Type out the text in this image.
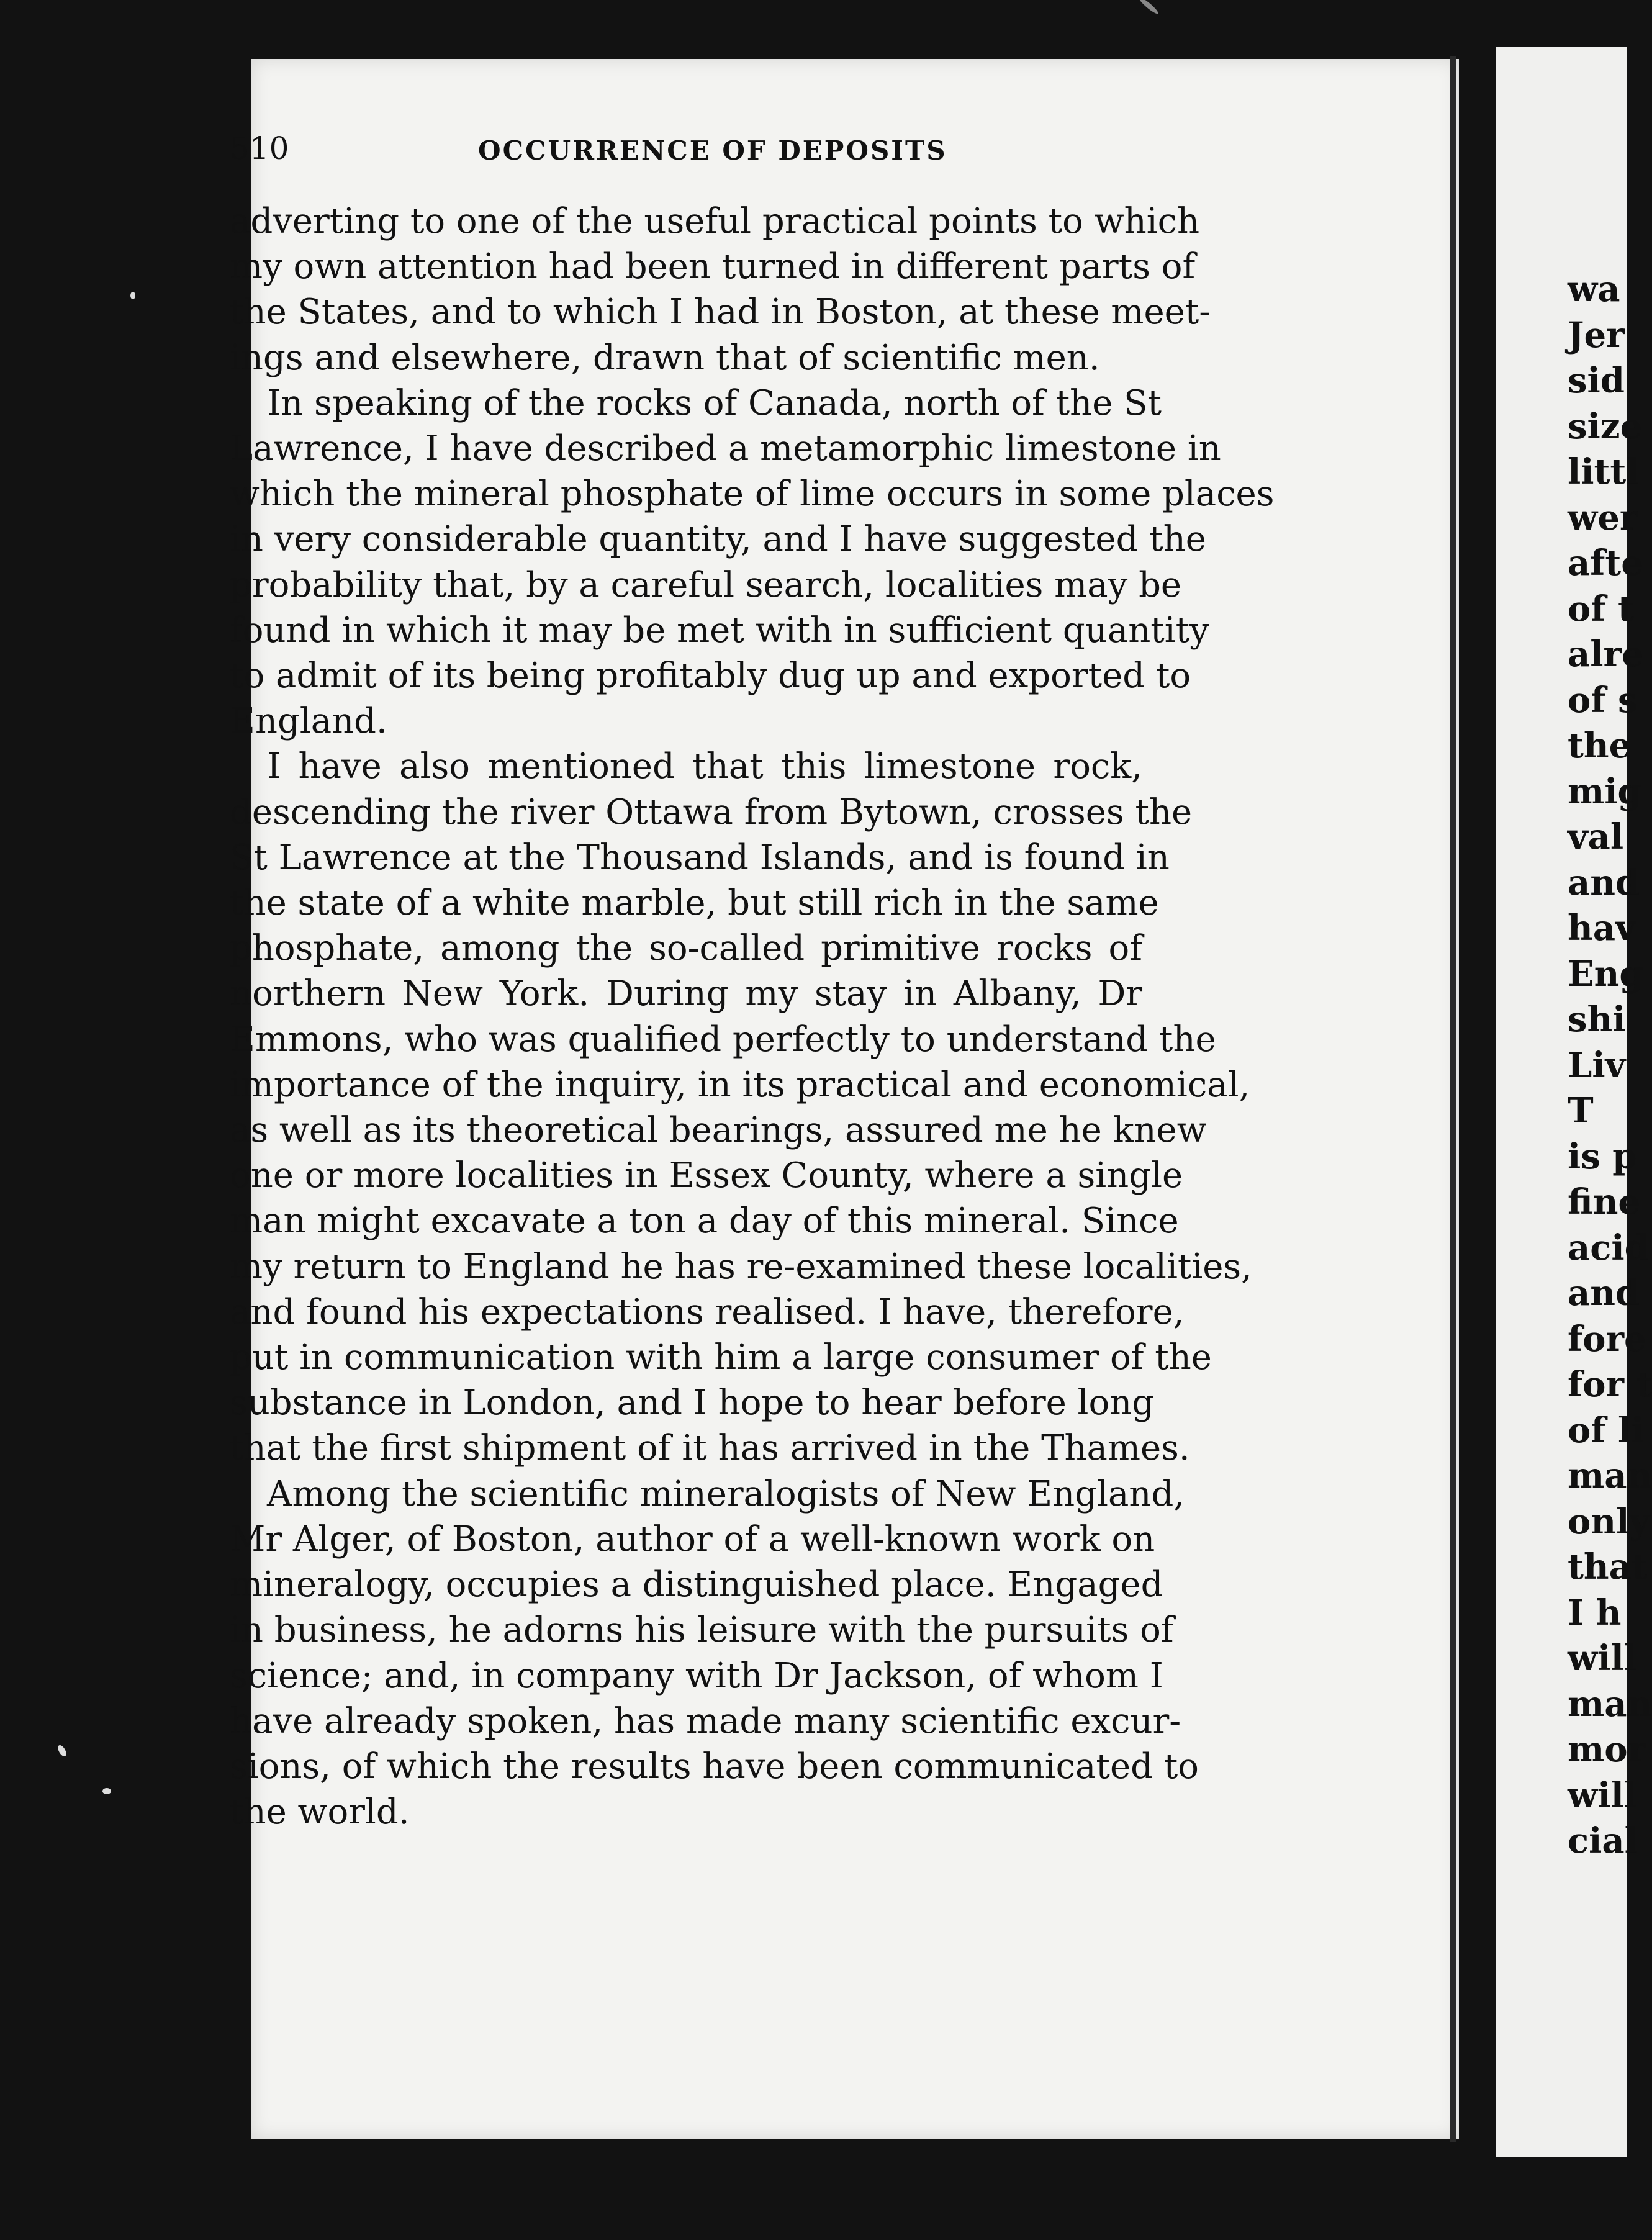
510	OCCURRENCE OF DEPOSITS
adverting to one of the useful practical points to which
my own attention had been turned in different parts of
the States, and to which I had in Boston, at these meet-
ings and elsewhere, drawn that of scientific men.
In speaking of the rocks of Canada, north of the St
Lawrence, I have described a metamorphic limestone in
which the mineral phosphate of lime occurs in some places
in very considerable quantity, and I have suggested the
probability that, by a careful search, localities may be
found in which it may be met with in sufficient quantity
to admit of its being profitably dug up and exported to
England.
I have also mentioned that this limestone rock,
descending the river Ottawa from Bytown, crosses the
St Lawrence at the Thousand Islands, and is found in
the state of a white marble, but still rich in the same
phosphate, among the so-called primitive rocks of
northern New York. During my stay in Albany, Dr
Emmons, who was qualified perfectly to understand the
importance of the inquiry, in its practical and economical,
as well as its theoretical bearings, assured me he knew
one or more localities in Essex County, where a single
man might excavate a ton a day of this mineral. Since
my return to England he has re-examined these localities,
and found his expectations realised. I have, therefore,
put in communication with him a large consumer of the
substance in London, and I hope to hear before long
that the first shipment of it has arrived in the Thames.
Among the scientific mineralogists of New England,
Mr Alger, of Boston, author of a well-known work on
mineralogy, occupies a distinguished place. Engaged
in business, he adorns his leisure with the pursuits of
science; and, in company with Dr Jackson, of whom I
have already spoken, has made many scientific excur-
sions, of which the results have been communicated to
the world.
wa
Jer
sid
size
littl
wer
afte
of t
alre
of s
the
mig
val
and
hav
Eng
shi
Liv
T
is p
fine
acid
and
fore
for t
of li
man
only
that
I h
will
man
mor
will
cial
